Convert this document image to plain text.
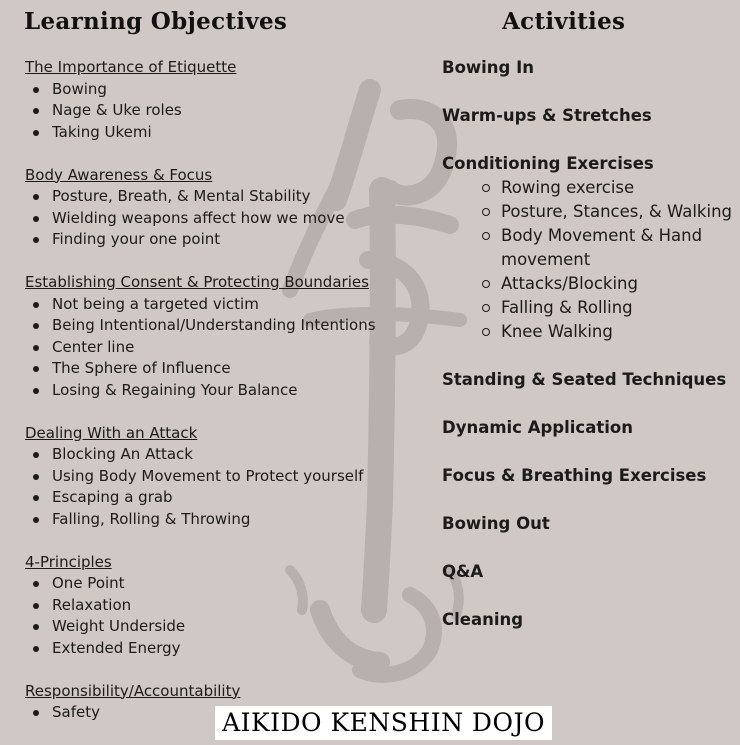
Learning Objectives	Activities
The Importance of Etiquette
Bowing
Nage & Uke roles
Taking Ukemi
Body Awareness & Focus
Posture, Breath, & Mental Stability
Wielding weapons affect how we move
Finding your one point
Establishing Consent & Protecting Boundaries
Not being a targeted victim
Being Intentional/Understanding Intentions
Center line
The Sphere of Influence
Losing & Regaining Your Balance
Dealing With an Attack
Blocking An Attack
Using Body Movement to Protect yourself
Escaping a grab
Falling, Rolling & Throwing
4-Principles
One Point
Relaxation
Weight Underside
Extended Energy
Responsibility/Accountability
Safety
Bowing In
Warm-ups & Stretches
Conditioning Exercises
Rowing exercise
Posture, Stances, & Walking
Body Movement & Hand movement
Attacks/Blocking
Falling & Rolling
Knee Walking
Standing & Seated Techniques
Dynamic Application
Focus & Breathing Exercises
Bowing Out
Q&A
Cleaning
AIKIDO KENSHIN DOJO
